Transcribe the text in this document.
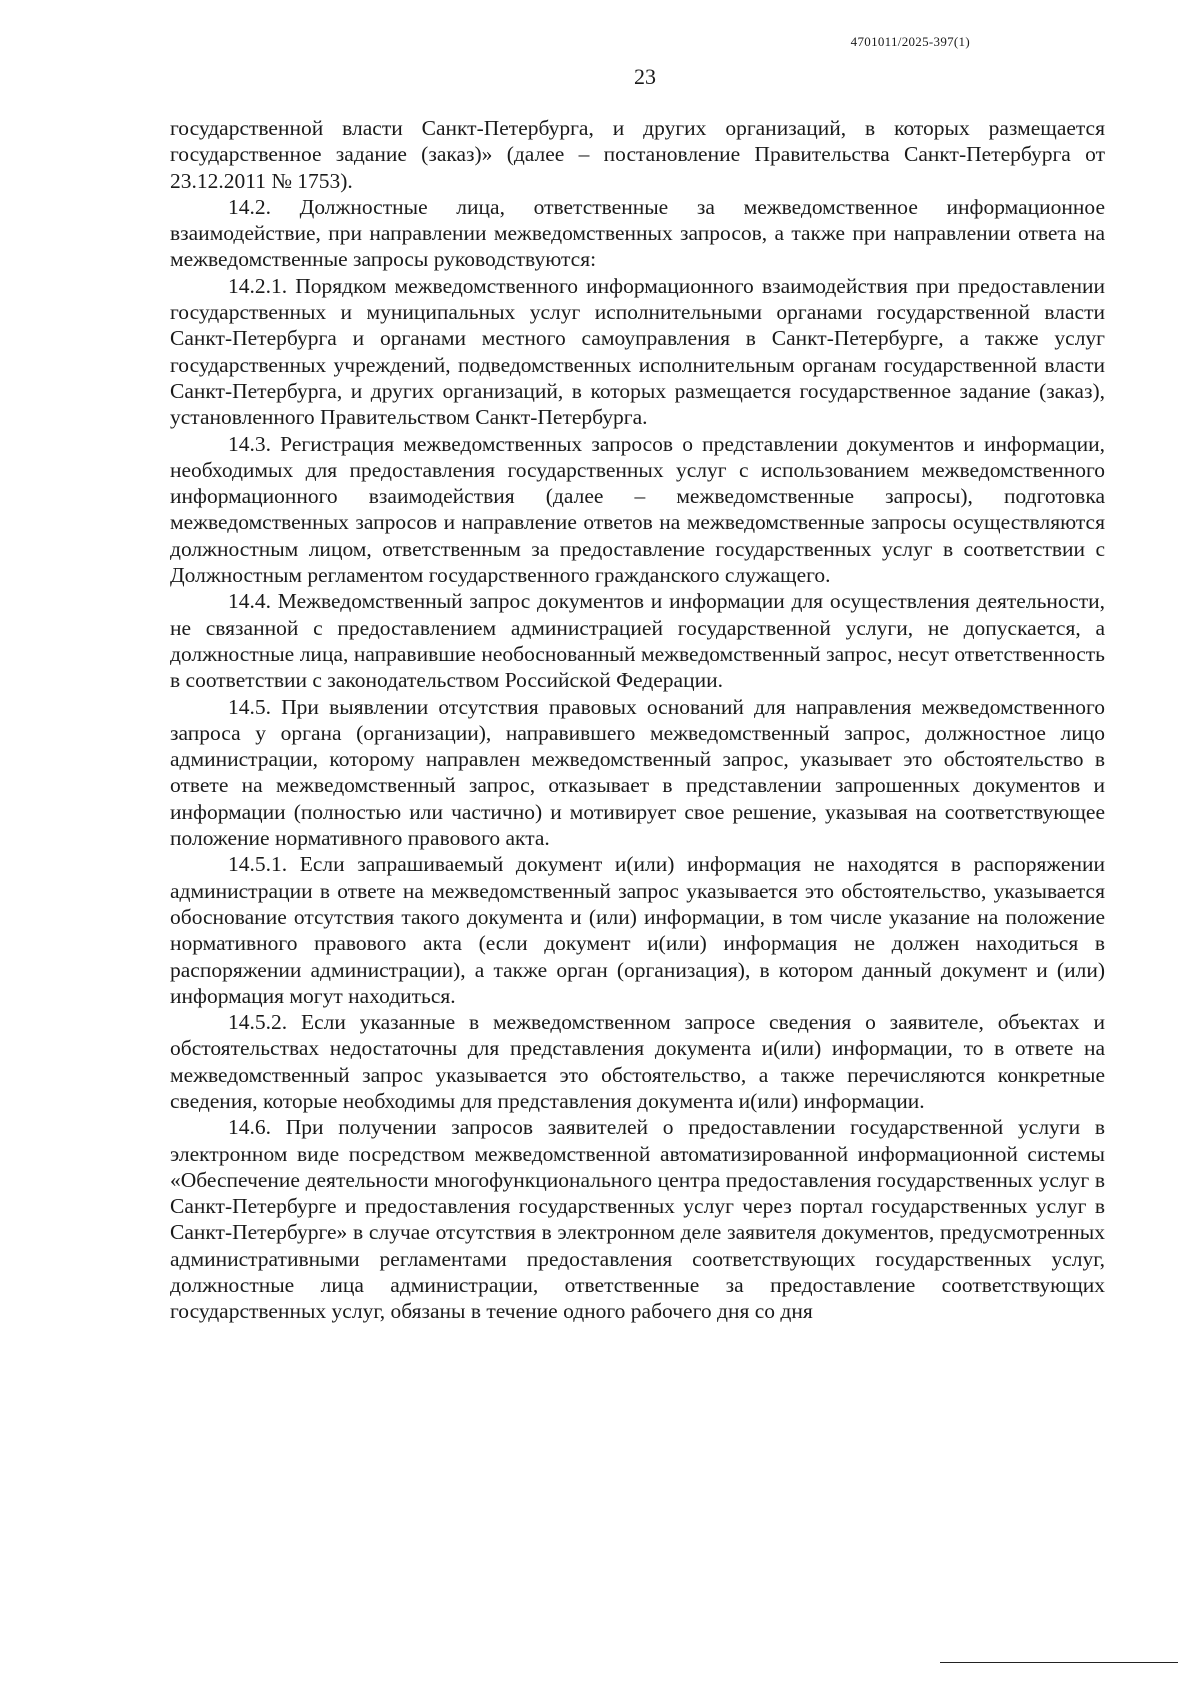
4701011/2025-397(1)
23

государственной власти Санкт-Петербурга, и других организаций, в которых размещается государственное задание (заказ)» (далее – постановление Правительства Санкт-Петербурга от 23.12.2011 № 1753).

14.2. Должностные лица, ответственные за межведомственное информационное взаимодействие, при направлении межведомственных запросов, а также при направлении ответа на межведомственные запросы руководствуются:

14.2.1. Порядком межведомственного информационного взаимодействия при предоставлении государственных и муниципальных услуг исполнительными органами государственной власти Санкт-Петербурга и органами местного самоуправления в Санкт-Петербурге, а также услуг государственных учреждений, подведомственных исполнительным органам государственной власти Санкт-Петербурга, и других организаций, в которых размещается государственное задание (заказ), установленного Правительством Санкт-Петербурга.

14.3. Регистрация межведомственных запросов о представлении документов и информации, необходимых для предоставления государственных услуг с использованием межведомственного информационного взаимодействия (далее – межведомственные запросы), подготовка межведомственных запросов и направление ответов на межведомственные запросы осуществляются должностным лицом, ответственным за предоставление государственных услуг в соответствии с Должностным регламентом государственного гражданского служащего.

14.4. Межведомственный запрос документов и информации для осуществления деятельности, не связанной с предоставлением администрацией государственной услуги, не допускается, а должностные лица, направившие необоснованный межведомственный запрос, несут ответственность в соответствии с законодательством Российской Федерации.

14.5. При выявлении отсутствия правовых оснований для направления межведомственного запроса у органа (организации), направившего межведомственный запрос, должностное лицо администрации, которому направлен межведомственный запрос, указывает это обстоятельство в ответе на межведомственный запрос, отказывает в представлении запрошенных документов и информации (полностью или частично) и мотивирует свое решение, указывая на соответствующее положение нормативного правового акта.

14.5.1. Если запрашиваемый документ и(или) информация не находятся в распоряжении администрации в ответе на межведомственный запрос указывается это обстоятельство, указывается обоснование отсутствия такого документа и (или) информации, в том числе указание на положение нормативного правового акта (если документ и(или) информация не должен находиться в распоряжении администрации), а также орган (организация), в котором данный документ и (или) информация могут находиться.

14.5.2. Если указанные в межведомственном запросе сведения о заявителе, объектах и обстоятельствах недостаточны для представления документа и(или) информации, то в ответе на межведомственный запрос указывается это обстоятельство, а также перечисляются конкретные сведения, которые необходимы для представления документа и(или) информации.

14.6. При получении запросов заявителей о предоставлении государственной услуги в электронном виде посредством межведомственной автоматизированной информационной системы «Обеспечение деятельности многофункционального центра предоставления государственных услуг в Санкт-Петербурге и предоставления государственных услуг через портал государственных услуг в Санкт-Петербурге» в случае отсутствия в электронном деле заявителя документов, предусмотренных административными регламентами предоставления соответствующих государственных услуг, должностные лица администрации, ответственные за предоставление соответствующих государственных услуг, обязаны в течение одного рабочего дня со дня
